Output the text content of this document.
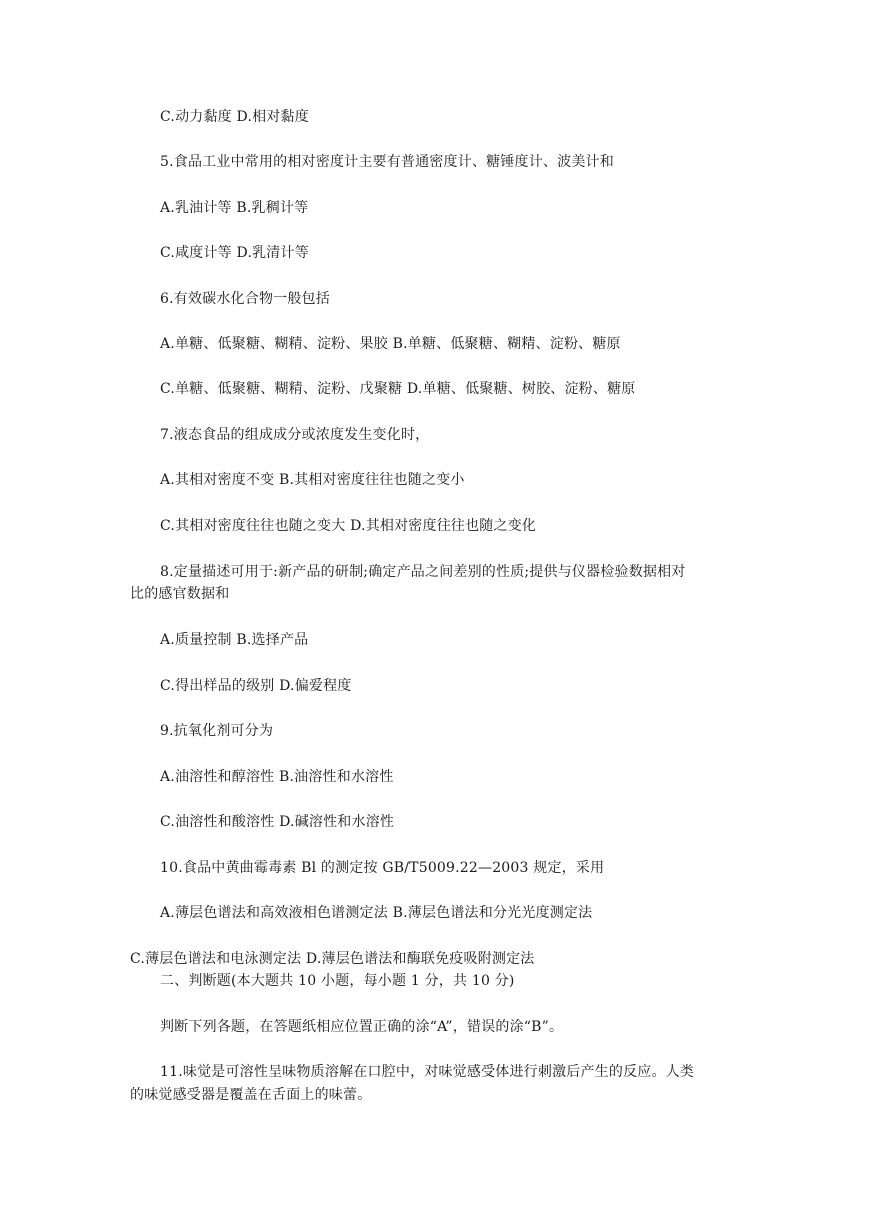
C.动力黏度 D.相对黏度
5.食品工业中常用的相对密度计主要有普通密度计、糖锤度计、波美计和
A.乳油计等 B.乳稠计等
C.咸度计等 D.乳清计等
6.有效碳水化合物一般包括
A.单糖、低聚糖、糊精、淀粉、果胶 B.单糖、低聚糖、糊精、淀粉、糖原
C.单糖、低聚糖、糊精、淀粉、戊聚糖 D.单糖、低聚糖、树胶、淀粉、糖原
7.液态食品的组成成分或浓度发生变化时，
A.其相对密度不变 B.其相对密度往往也随之变小
C.其相对密度往往也随之变大 D.其相对密度往往也随之变化
8.定量描述可用于:新产品的研制;确定产品之间差别的性质;提供与仪器检验数据相对
比的感官数据和
A.质量控制 B.选择产品
C.得出样品的级别 D.偏爱程度
9.抗氧化剂可分为
A.油溶性和醇溶性 B.油溶性和水溶性
C.油溶性和酸溶性 D.碱溶性和水溶性
10.食品中黄曲霉毒素 Bl 的测定按 GB/T5009.22—2003 规定，采用
A.薄层色谱法和高效液相色谱测定法 B.薄层色谱法和分光光度测定法
C.薄层色谱法和电泳测定法 D.薄层色谱法和酶联免疫吸附测定法
二、判断题(本大题共 10 小题，每小题 1 分，共 10 分)
判断下列各题，在答题纸相应位置正确的涂“A”，错误的涂“B”。
11.味觉是可溶性呈味物质溶解在口腔中，对味觉感受体进行刺激后产生的反应。人类
的味觉感受器是覆盖在舌面上的味蕾。
